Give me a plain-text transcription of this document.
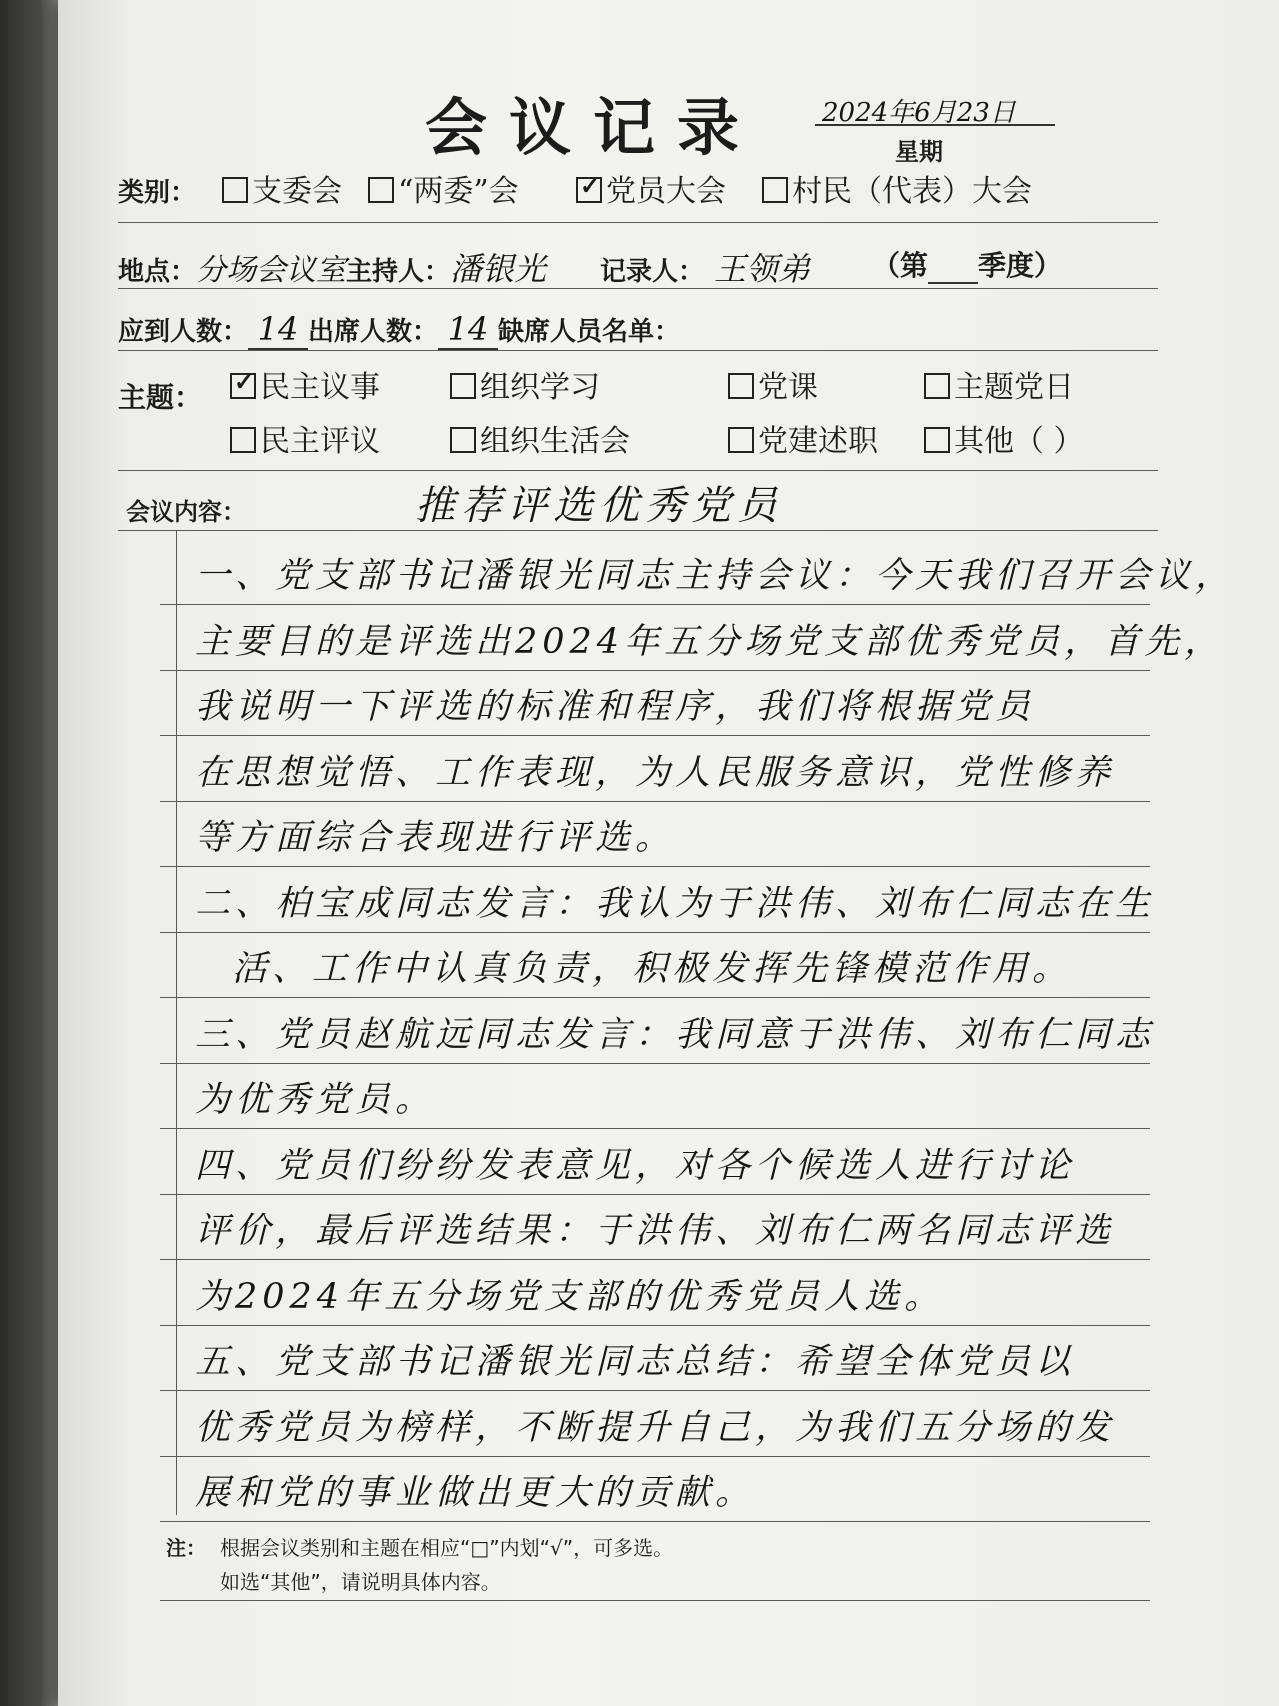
会议记录 2024年6月23日
星期
类别：	支委会	“两委”会 ✓	党员大会	村民（代表）大会
地点：分场会议室主持人：潘银光 记录人： 王领弟 （第 季度）
应到人数： 14 出席人数： 14 缺席人员名单：
主题： ✓	民主议事	组织学习	党课	主题党日
民主评议	组织生活会	党建述职	其他（ ）
会议内容：	推荐评选优秀党员
一、党支部书记潘银光同志主持会议：今天我们召开会议，
主要目的是评选出2024年五分场党支部优秀党员，首先，
我说明一下评选的标准和程序，我们将根据党员
在思想觉悟、工作表现，为人民服务意识，党性修养
等方面综合表现进行评选。
二、柏宝成同志发言：我认为于洪伟、刘布仁同志在生
活、工作中认真负责，积极发挥先锋模范作用。
三、党员赵航远同志发言：我同意于洪伟、刘布仁同志
为优秀党员。
四、党员们纷纷发表意见，对各个候选人进行讨论
评价，最后评选结果：于洪伟、刘布仁两名同志评选
为2024年五分场党支部的优秀党员人选。
五、党支部书记潘银光同志总结：希望全体党员以
优秀党员为榜样，不断提升自己，为我们五分场的发
展和党的事业做出更大的贡献。
注： 根据会议类别和主题在相应“□”内划“√”，可多选。
如选“其他”，请说明具体内容。
